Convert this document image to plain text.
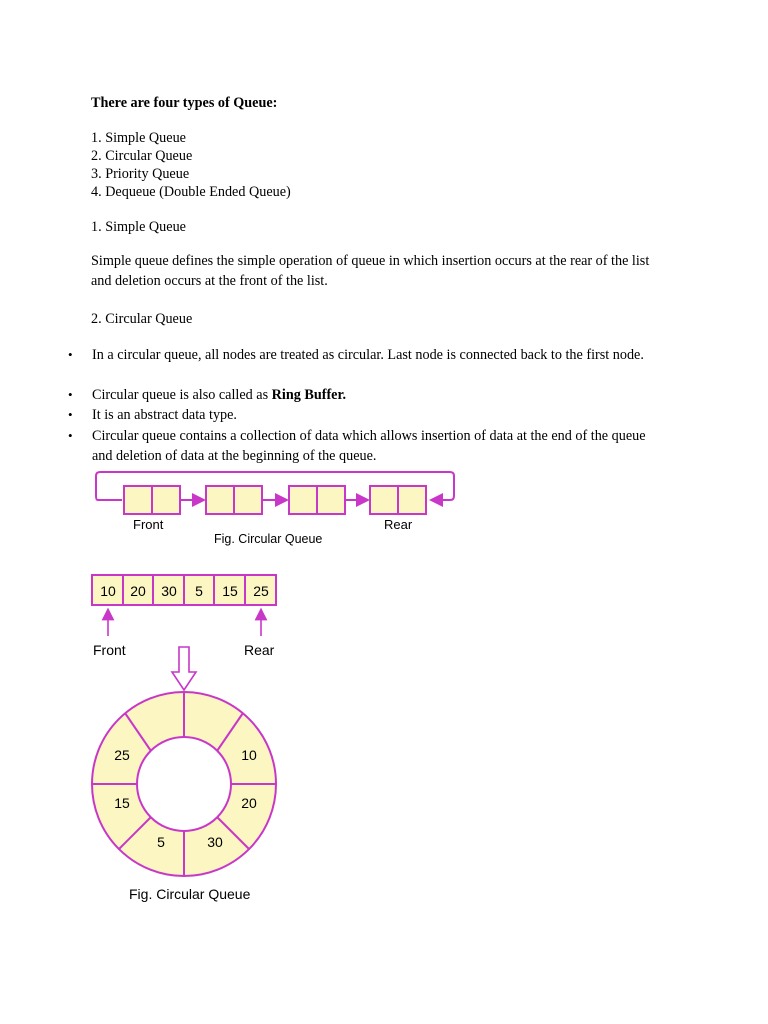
There are four types of Queue:
1. Simple Queue
2. Circular Queue
3. Priority Queue
4. Dequeue (Double Ended Queue)
1. Simple Queue
Simple queue defines the simple operation of queue in which insertion occurs at the rear of the list and deletion occurs at the front of the list.
2. Circular Queue
• In a circular queue, all nodes are treated as circular. Last node is connected back to the first node.
• Circular queue is also called as Ring Buffer.
• It is an abstract data type.
• Circular queue contains a collection of data which allows insertion of data at the end of the queue and deletion of data at the beginning of the queue.
Front	Rear
Fig. Circular Queue
10 20 30 5 15 25
Front	Rear
10
20
30
5
15
25
Fig. Circular Queue
